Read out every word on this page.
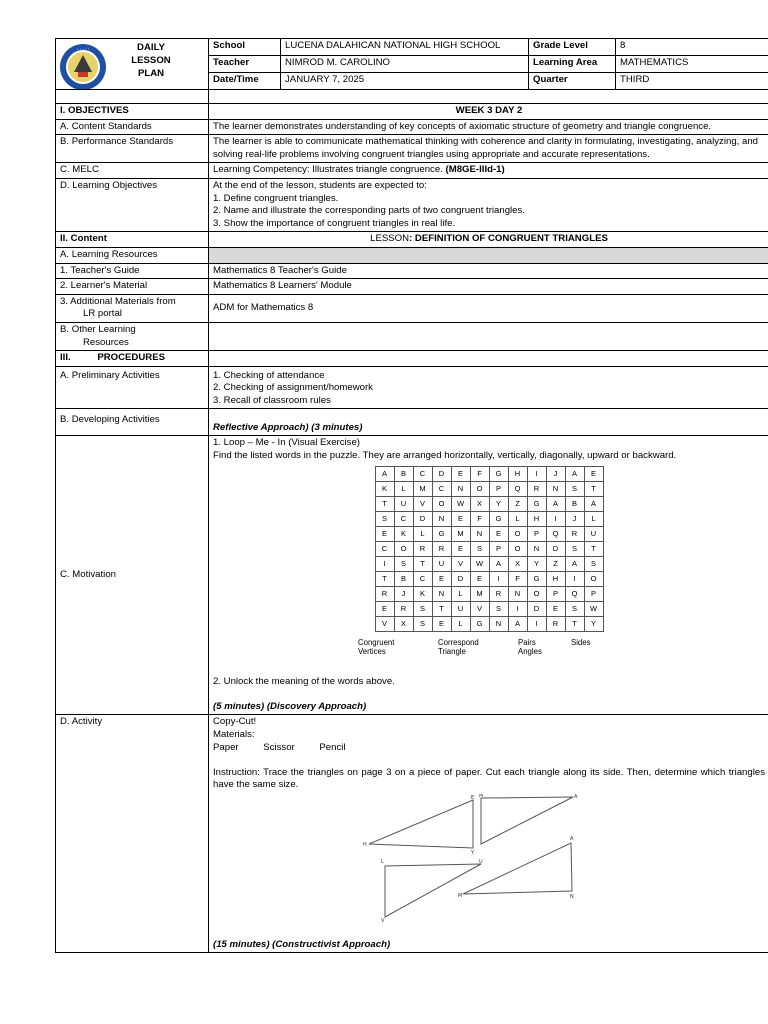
• • • • •	DAILY
LESSON
PLAN
	School	LUCENA DALAHICAN NATIONAL HIGH SCHOOL	Grade Level	8
Teacher	NIMROD M. CAROLINO	Learning Area	MATHEMATICS
Date/Time	JANUARY 7, 2025	Quarter	THIRD

I. OBJECTIVES	WEEK 3 DAY 2
A. Content Standards	The learner demonstrates understanding of key concepts of axiomatic structure of geometry and triangle congruence.
B. Performance Standards	The learner is able to communicate mathematical thinking with coherence and clarity in formulating, investigating, analyzing, and solving real-life problems involving congruent triangles using appropriate and accurate representations.
C. MELC	Learning Competency: Illustrates triangle congruence. (M8GE-IIId-1)
D. Learning Objectives	At the end of the lesson, students are expected to:
1. Define congruent triangles.
2. Name and illustrate the corresponding parts of two congruent triangles.
3. Show the importance of congruent triangles in real life.

II. Content	LESSON: DEFINITION OF CONGRUENT TRIANGLES
A. Learning Resources	
1. Teacher's Guide	Mathematics 8 Teacher's Guide
2. Learner's Material	Mathematics 8 Learners' Module

3. Additional Materials from
LR portal
	ADM for Mathematics 8

B. Other Learning
Resources

III.          PROCEDURES	
A. Preliminary Activities	1. Checking of attendance
2. Checking of assignment/homework
3. Recall of classroom rules

B. Developing Activities	Reflective Approach) (3 minutes)
C. Motivation	
1. Loop – Me - In (Visual Exercise)
Find the listed words in the puzzle. They are arranged horizontally, vertically, diagonally, upward or backward.
A	B	C	D	E	F	G	H	I	J	A	E
K	L	M	C	N	O	P	Q	R	N	S	T
T	U	V	O	W	X	Y	Z	G	A	B	A
S	C	D	N	E	F	G	L	H	I	J	L
E	K	L	G	M	N	E	O	P	Q	R	U
C	O	R	R	E	S	P	O	N	D	S	T
I	S	T	U	V	W	A	X	Y	Z	A	S
T	B	C	E	D	E	I	F	G	H	I	O
R	J	K	N	L	M	R	N	O	P	Q	P
E	R	S	T	U	V	S	I	D	E	S	W
V	X	S	E	L	G	N	A	I	R	T	Y
Congruent
Vertices
Correspond
Triangle
Pairs
Angles
Sides
2. Unlock the meaning of the words above.

(5 minutes) (Discovery Approach)

D. Activity	Copy-Cut!
Materials:
Paper	Scissor	Pencil

Instruction: Trace the triangles on page 3 on a piece of paper. Cut each triangle along its side. Then, determine which triangles have the same size.
E
H
Y
M	A
L	U
V
A
M	N
(15 minutes) (Constructivist Approach)
